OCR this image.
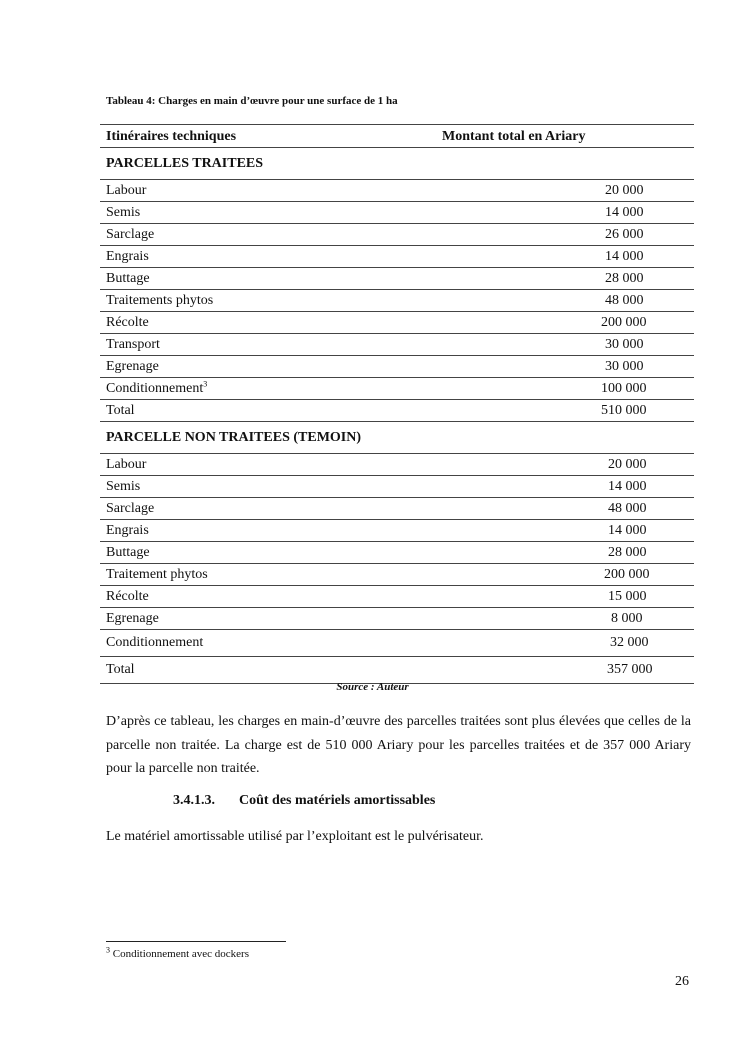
Tableau 4: Charges en main d’œuvre pour une surface de 1 ha
Itinéraires techniques	Montant total en Ariary
PARCELLES TRAITEES	
Labour	20 000
Semis	14 000
Sarclage	26 000
Engrais	14 000
Buttage	28 000
Traitements phytos	48 000
Récolte	200 000
Transport	30 000
Egrenage	30 000
Conditionnement$^3$	100 000
Total	510 000
PARCELLE NON TRAITEES (TEMOIN)	
Labour	20 000
Semis	14 000
Sarclage	48 000
Engrais	14 000
Buttage	28 000
Traitement phytos	200 000
Récolte	15 000
Egrenage	8 000
Conditionnement	32 000
Total	357 000
Source : Auteur

D’après ce tableau, les charges en main-d’œuvre des parcelles traitées sont plus élevées que celles de la parcelle non traitée. La charge est de 510 000 Ariary pour les parcelles traitées et de 357 000 Ariary pour la parcelle non traitée.

3.4.1.3. Coût des matériels amortissables

Le matériel amortissable utilisé par l’exploitant est le pulvérisateur.

$^3$ Conditionnement avec dockers
26
